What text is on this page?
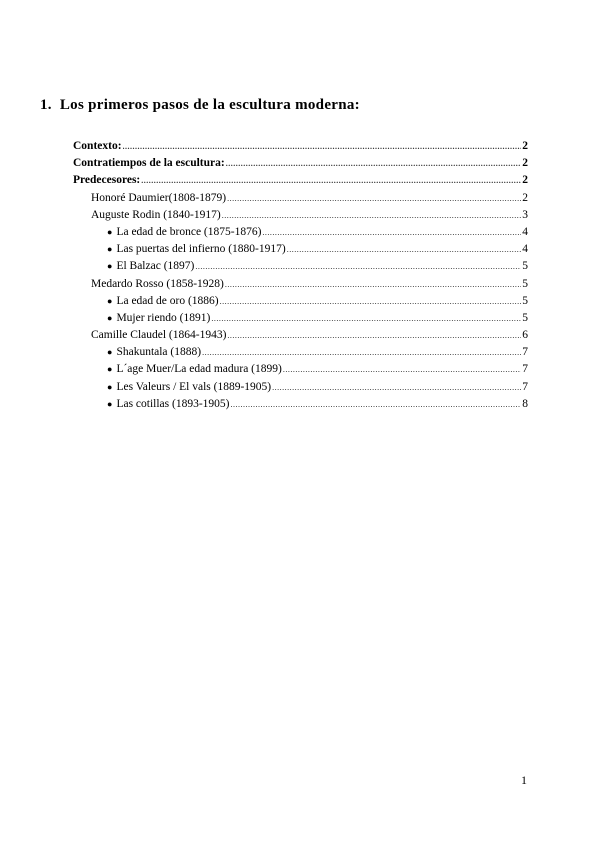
1. Los primeros pasos de la escultura moderna:
Contexto: .....	2
Contratiempos de la escultura: .....	2
Predecesores: .....	2
Honoré Daumier(1808-1879) .....	2
Auguste Rodin (1840-1917) .....	3
● La edad de bronce (1875-1876) .....	4
● Las puertas del infierno (1880-1917) .....	4
● El Balzac (1897) .....	5
Medardo Rosso (1858-1928) .....	5
● La edad de oro (1886) .....	5
● Mujer riendo (1891) .....	5
Camille Claudel (1864-1943) .....	6
● Shakuntala (1888) .....	7
● L´age Muer/La edad madura (1899) .....	7
● Les Valeurs / El vals (1889-1905) .....	7
● Las cotillas (1893-1905) .....	8
1
